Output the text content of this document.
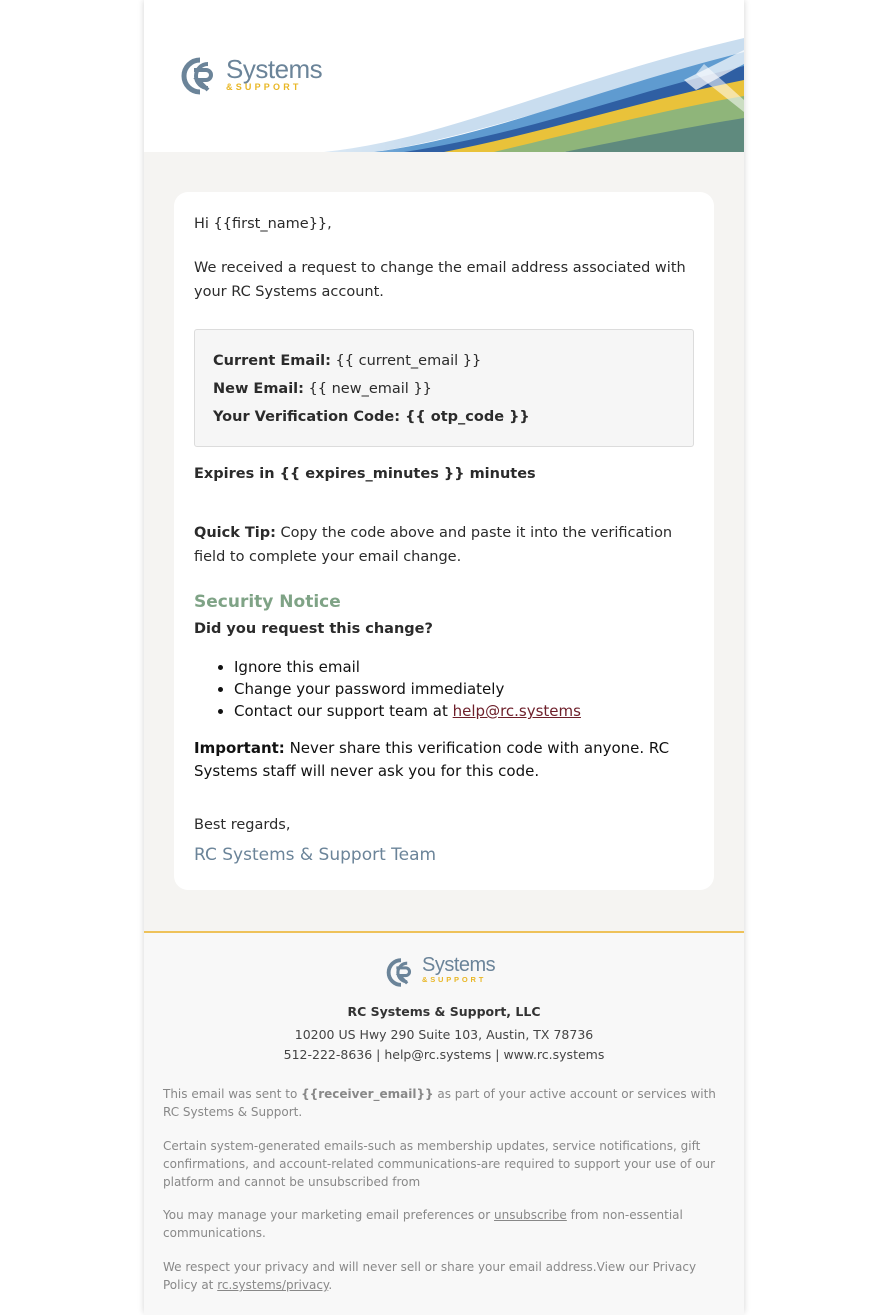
Systems
&SUPPORT

Hi {{first_name}},

We received a request to change the email address associated with your RC Systems account.

Current Email: {{ current_email }}
New Email: {{ new_email }}
Your Verification Code: {{ otp_code }}

Expires in {{ expires_minutes }} minutes

Quick Tip: Copy the code above and paste it into the verification field to complete your email change.

Security Notice

Did you request this change?

• Ignore this email
• Change your password immediately
• Contact our support team at help@rc.systems

Important: Never share this verification code with anyone. RC Systems staff will never ask you for this code.

Best regards,

RC Systems & Support Team

Systems
&SUPPORT
RC Systems & Support, LLC
10200 US Hwy 290 Suite 103, Austin, TX 78736
512-222-8636 | help@rc.systems | www.rc.systems

This email was sent to {{receiver_email}} as part of your active account or services with RC Systems & Support.

Certain system-generated emails-such as membership updates, service notifications, gift confirmations, and account-related communications-are required to support your use of our platform and cannot be unsubscribed from

You may manage your marketing email preferences or unsubscribe from non-essential communications.

We respect your privacy and will never sell or share your email address.View our Privacy Policy at rc.systems/privacy.
